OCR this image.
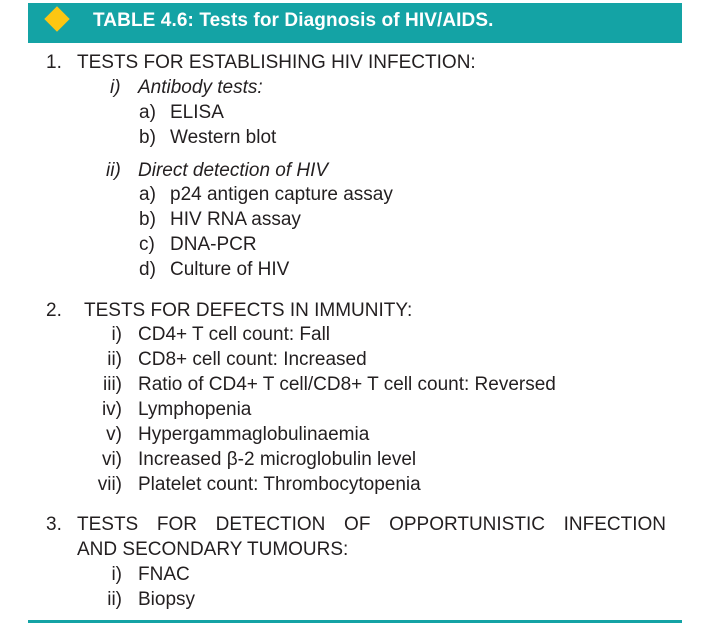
TABLE 4.6: Tests for Diagnosis of HIV/AIDS.
1. TESTS FOR ESTABLISHING HIV INFECTION:
i) Antibody tests:
a) ELISA
b) Western blot
ii) Direct detection of HIV
a) p24 antigen capture assay
b) HIV RNA assay
c) DNA-PCR
d) Culture of HIV
2. TESTS FOR DEFECTS IN IMMUNITY:
i) CD4+ T cell count: Fall
ii) CD8+ cell count: Increased
iii) Ratio of CD4+ T cell/CD8+ T cell count: Reversed
iv) Lymphopenia
v) Hypergammaglobulinaemia
vi) Increased β-2 microglobulin level
vii) Platelet count: Thrombocytopenia
3. TESTS FOR DETECTION OF OPPORTUNISTIC INFECTION
AND SECONDARY TUMOURS:
i) FNAC
ii) Biopsy
